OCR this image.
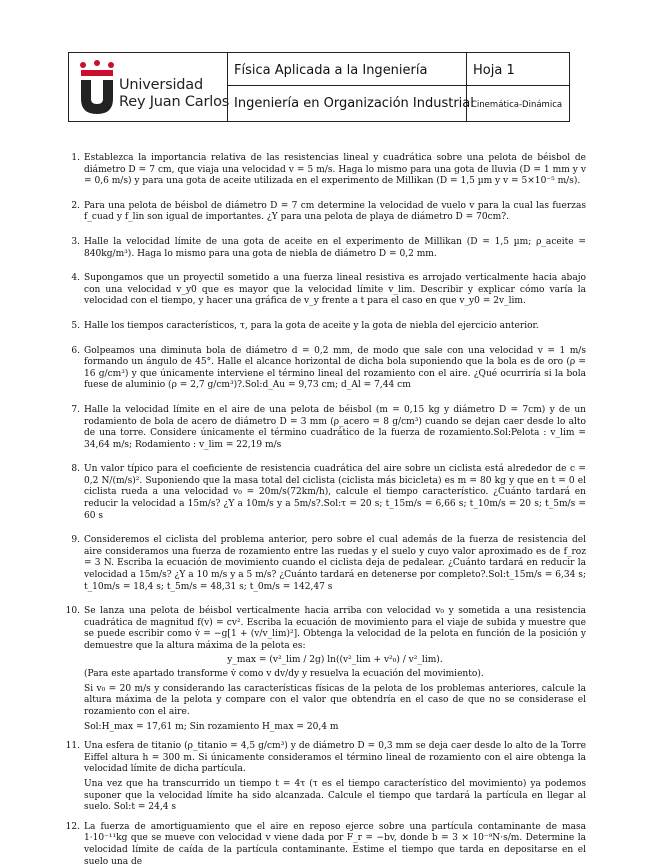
Universidad
Rey Juan Carlos
Física Aplicada a la Ingeniería
Ingeniería en Organización Industrial
Hoja 1
Cinemática-Dinámica
1. Establezca la importancia relativa de las resistencias lineal y cuadrática sobre una pelota de béisbol de diámetro D = 7 cm, que viaja una velocidad v = 5 m/s. Haga lo mismo para una gota de lluvia (D = 1 mm y v = 0,6 m/s) y para una gota de aceite utilizada en el experimento de Millikan (D = 1,5 µm y v = 5×10⁻⁵ m/s).

2. Para una pelota de béisbol de diámetro D = 7 cm determine la velocidad de vuelo v para la cual las fuerzas f_cuad y f_lin son igual de importantes. ¿Y para una pelota de playa de diámetro D = 70cm?.

3. Halle la velocidad límite de una gota de aceite en el experimento de Millikan (D = 1,5 µm; ρ_aceite = 840kg/m³). Haga lo mismo para una gota de niebla de diámetro D = 0,2 mm.

4. Supongamos que un proyectil sometido a una fuerza lineal resistiva es arrojado verticalmente hacia abajo con una velocidad v_y0 que es mayor que la velocidad límite v_lim. Describir y explicar cómo varía la velocidad con el tiempo, y hacer una gráfica de v_y frente a t para el caso en que v_y0 = 2v_lim.

5. Halle los tiempos característicos, τ, para la gota de aceite y la gota de niebla del ejercicio anterior.

6. Golpeamos una diminuta bola de diámetro d = 0,2 mm, de modo que sale con una velocidad v = 1 m/s formando un ángulo de 45°. Halle el alcance horizontal de dicha bola suponiendo que la bola es de oro (ρ = 16 g/cm³) y que únicamente interviene el término lineal del rozamiento con el aire. ¿Qué ocurriría si la bola fuese de aluminio (ρ = 2,7 g/cm³)?.Sol:d_Au = 9,73 cm; d_Al = 7,44 cm

7. Halle la velocidad límite en el aire de una pelota de béisbol (m = 0,15 kg y diámetro D = 7cm) y de un rodamiento de bola de acero de diámetro D = 3 mm (ρ_acero = 8 g/cm³) cuando se dejan caer desde lo alto de una torre. Considere únicamente el término cuadrático de la fuerza de rozamiento.Sol:Pelota : v_lim = 34,64 m/s; Rodamiento : v_lim = 22,19 m/s

8. Un valor típico para el coeficiente de resistencia cuadrática del aire sobre un ciclista está alrededor de c = 0,2 N/(m/s)². Suponiendo que la masa total del ciclista (ciclista más bicicleta) es m = 80 kg y que en t = 0 el ciclista rueda a una velocidad v₀ = 20m/s(72km/h), calcule el tiempo característico. ¿Cuánto tardará en reducir la velocidad a 15m/s? ¿Y a 10m/s y a 5m/s?.Sol:τ = 20 s; t_15m/s = 6,66 s; t_10m/s = 20 s; t_5m/s = 60 s

9. Consideremos el ciclista del problema anterior, pero sobre el cual además de la fuerza de resistencia del aire consideramos una fuerza de rozamiento entre las ruedas y el suelo y cuyo valor aproximado es de f_roz = 3 N. Escriba la ecuación de movimiento cuando el ciclista deja de pedalear. ¿Cuánto tardará en reducir la velocidad a 15m/s? ¿Y a 10 m/s y a 5 m/s? ¿Cuánto tardará en detenerse por completo?.Sol:t_15m/s = 6,34 s; t_10m/s = 18,4 s; t_5m/s = 48,31 s; t_0m/s = 142,47 s

10. Se lanza una pelota de béisbol verticalmente hacia arriba con velocidad v₀ y sometida a una resistencia cuadrática de magnitud f(v) = cv². Escriba la ecuación de movimiento para el viaje de subida y muestre que se puede escribir como v̇ = −g[1 + (v/v_lim)²]. Obtenga la velocidad de la pelota en función de la posición y demuestre que la altura máxima de la pelota es:

y_max = (v²_lim / 2g) ln((v²_lim + v²₀) / v²_lim).

(Para este apartado transforme v̇ como v dv/dy y resuelva la ecuación del movimiento).

Si v₀ = 20 m/s y considerando las características físicas de la pelota de los problemas anteriores, calcule la altura máxima de la pelota y compare con el valor que obtendría en el caso de que no se considerase el rozamiento con el aire.

Sol:H_max = 17,61 m; Sin rozamiento H_max = 20,4 m

11. Una esfera de titanio (ρ_titanio = 4,5 g/cm³) y de diámetro D = 0,3 mm se deja caer desde lo alto de la Torre Eiffel altura h = 300 m. Si únicamente consideramos el término lineal de rozamiento con el aire obtenga la velocidad límite de dicha partícula.

Una vez que ha transcurrido un tiempo t = 4τ (τ es el tiempo característico del movimiento) ya podemos suponer que la velocidad límite ha sido alcanzada. Calcule el tiempo que tardará la partícula en llegar al suelo. Sol:t = 24,4 s

12. La fuerza de amortiguamiento que el aire en reposo ejerce sobre una partícula contaminante de masa 1·10⁻¹¹kg que se mueve con velocidad v viene dada por F_r = −bv, donde b = 3 × 10⁻⁹N·s/m. Determine la velocidad límite de caída de la partícula contaminante. Estime el tiempo que tarda en depositarse en el suelo una de
